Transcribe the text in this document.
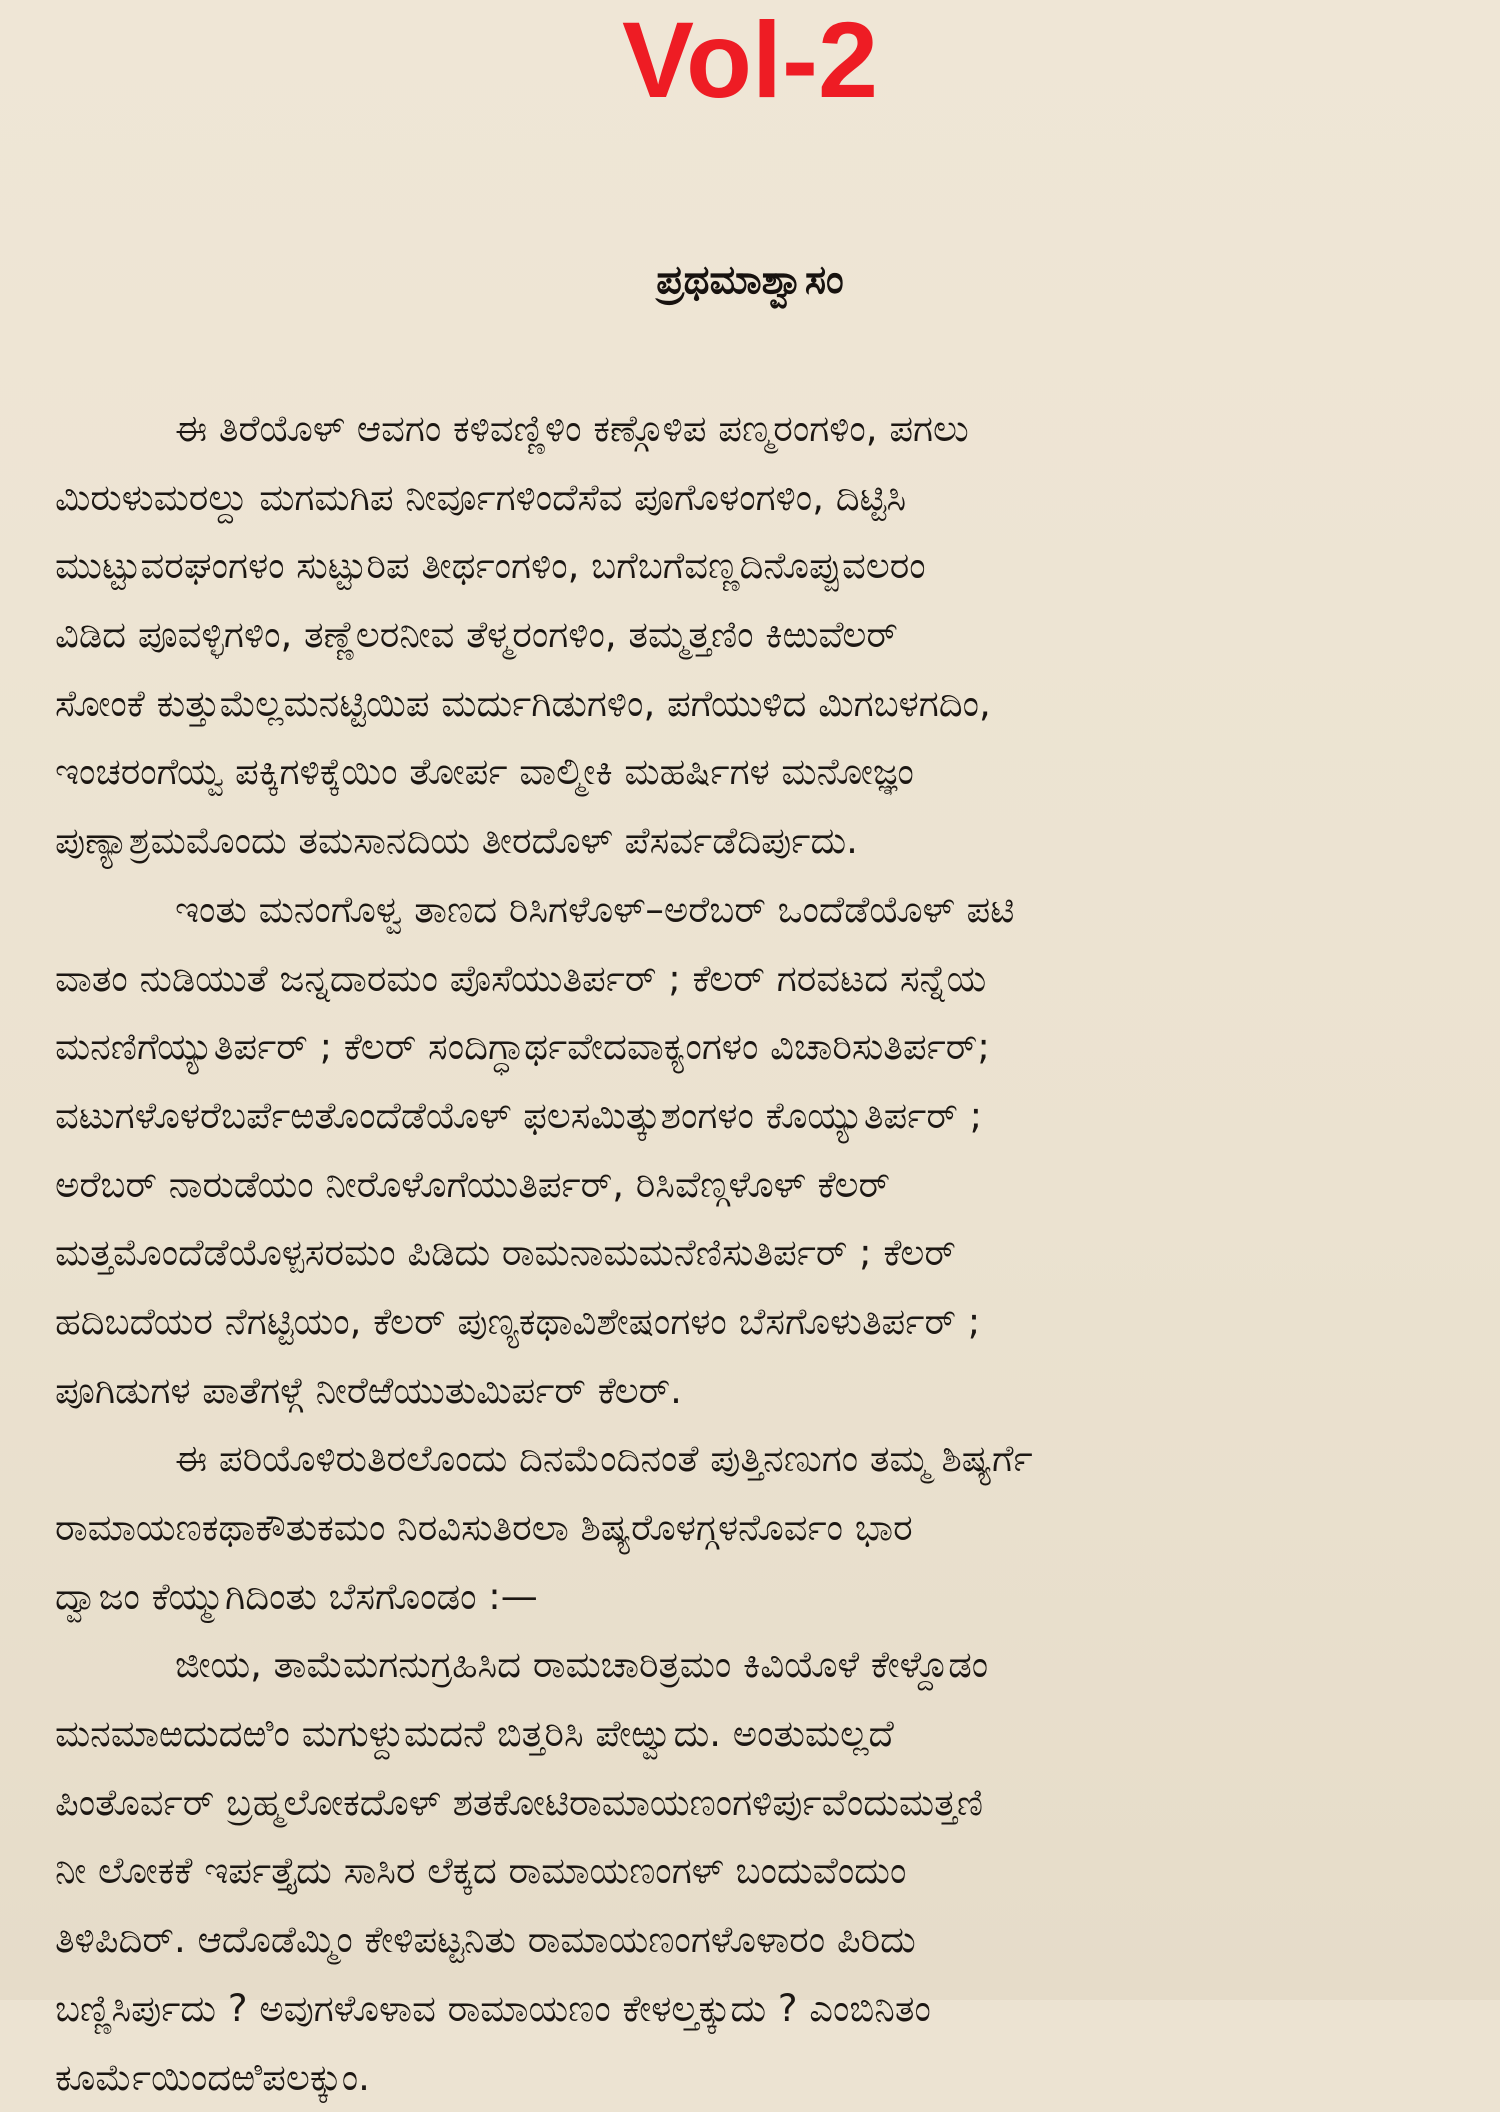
Vol-2
ಪ್ರಥಮಾಶ್ವಾಸಂ
ಈ ತಿರೆಯೊಳ್ ಆವಗಂ ಕಳಿವಣ್ಣಿಳಿಂ ಕಣ್ಗೊಳಿಪ ಪಣ್ಮರಂಗಳಿಂ, ಪಗಲು
ಮಿರುಳುಮರಲ್ದು ಮಗಮಗಿಪ ನೀರ್ವೂಗಳಿಂದೆಸೆವ ಪೂಗೊಳಂಗಳಿಂ, ದಿಟ್ಟಿಸಿ
ಮುಟ್ಟುವರಘಂಗಳಂ ಸುಟ್ಟುರಿಪ ತೀರ್ಥಂಗಳಿಂ, ಬಗೆಬಗೆವಣ್ಣದಿನೊಪ್ಪುವಲರಂ
ವಿಡಿದ ಪೂವಳ್ಳಿಗಳಿಂ, ತಣ್ಣೆಲರನೀವ ತೆಳ್ಮರಂಗಳಿಂ, ತಮ್ಮತ್ತಣಿಂ ಕಿಱುವೆಲರ್
ಸೋಂಕೆ ಕುತ್ತುಮೆಲ್ಲಮನಟ್ಟಿಯಿಪ ಮರ್ದುಗಿಡುಗಳಿಂ, ಪಗೆಯುಳಿದ ಮಿಗಬಳಗದಿಂ,
ಇಂಚರಂಗೆಯ್ವ ಪಕ್ಕಿಗಳಿಕ್ಕೆಯಿಂ ತೋರ್ಪ ವಾಲ್ಮೀಕಿ ಮಹರ್ಷಿಗಳ ಮನೋಜ್ಞಂ
ಪುಣ್ಯಾಶ್ರಮಮೊಂದು ತಮಸಾನದಿಯ ತೀರದೊಳ್ ಪೆಸರ್ವಡೆದಿರ್ಪುದು.
ಇಂತು ಮನಂಗೊಳ್ವ ತಾಣದ ರಿಸಿಗಳೊಳ್–ಅರೆಬರ್ ಒಂದೆಡೆಯೊಳ್ ಪಟಿ
ವಾತಂ ನುಡಿಯುತೆ ಜನ್ನದಾರಮಂ ಪೊಸೆಯುತಿರ್ಪರ್ ; ಕೆಲರ್ ಗರವಟದ ಸನ್ನೆಯ
ಮನಣಿಗೆಯ್ಯುತಿರ್ಪರ್ ; ಕೆಲರ್ ಸಂದಿಗ್ಧಾರ್ಥವೇದವಾಕ್ಯಂಗಳಂ ವಿಚಾರಿಸುತಿರ್ಪರ್;
ವಟುಗಳೊಳರೆಬರ್ಪೆಱತೊಂದೆಡೆಯೊಳ್ ಫಲಸಮಿತ್ಕುಶಂಗಳಂ ಕೊಯ್ಯುತಿರ್ಪರ್ ;
ಅರೆಬರ್ ನಾರುಡೆಯಂ ನೀರೊಳೊಗೆಯುತಿರ್ಪರ್, ರಿಸಿವೆಣ್ಗಳೊಳ್ ಕೆಲರ್
ಮತ್ತಮೊಂದೆಡೆಯೊಳ್ಪಸರಮಂ ಪಿಡಿದು ರಾಮನಾಮಮನೆಣಿಸುತಿರ್ಪರ್ ; ಕೆಲರ್
ಹದಿಬದೆಯರ ನೆಗಟ್ಟಿಯಂ, ಕೆಲರ್ ಪುಣ್ಯಕಥಾವಿಶೇಷಂಗಳಂ ಬೆಸಗೊಳುತಿರ್ಪರ್ ;
ಪೂಗಿಡುಗಳ ಪಾತೆಗಳ್ಗೆ ನೀರೆಱೆಯುತುಮಿರ್ಪರ್ ಕೆಲರ್.
ಈ ಪರಿಯೊಳಿರುತಿರಲೊಂದು ದಿನಮೆಂದಿನಂತೆ ಪುತ್ತಿನಣುಗಂ ತಮ್ಮ ಶಿಷ್ಯರ್ಗೆ
ರಾಮಾಯಣಕಥಾಕೌತುಕಮಂ ನಿರವಿಸುತಿರಲಾ ಶಿಷ್ಯರೊಳಗ್ಗಳನೊರ್ವಂ ಭಾರ
ದ್ವಾಜಂ ಕೆಯ್ಮುಗಿದಿಂತು ಬೆಸಗೊಂಡಂ :—
ಜೀಯ, ತಾಮೆಮಗನುಗ್ರಹಿಸಿದ ರಾಮಚಾರಿತ್ರಮಂ ಕಿವಿಯೊಳೆ ಕೇಳ್ದೊಡಂ
ಮನಮಾಱದುದಱಿಂ ಮಗುಳ್ದುಮದನೆ ಬಿತ್ತರಿಸಿ ಪೇಱ್ವುದು. ಅಂತುಮಲ್ಲದೆ
ಪಿಂತೊರ್ವರ್ ಬ್ರಹ್ಮಲೋಕದೊಳ್ ಶತಕೋಟಿರಾಮಾಯಣಂಗಳಿರ್ಪುವೆಂದುಮತ್ತಣಿ
ನೀ ಲೋಕಕೆ ಇರ್ಪತ್ತೈದು ಸಾಸಿರ ಲೆಕ್ಕದ ರಾಮಾಯಣಂಗಳ್ ಬಂದುವೆಂದುಂ
ತಿಳಿಪಿದಿರ್. ಆದೊಡೆಮ್ಮಿಂ ಕೇಳಿಪಟ್ಟನಿತು ರಾಮಾಯಣಂಗಳೊಳಾರಂ ಪಿರಿದು
ಬಣ್ಣಿಸಿರ್ಪುದು ? ಅವುಗಳೊಳಾವ ರಾಮಾಯಣಂ ಕೇಳಲ್ತಕ್ಕುದು ? ಎಂಬಿನಿತಂ
ಕೂರ್ಮೆಯಿಂದಱಿಪಲಕ್ಕುಂ.
